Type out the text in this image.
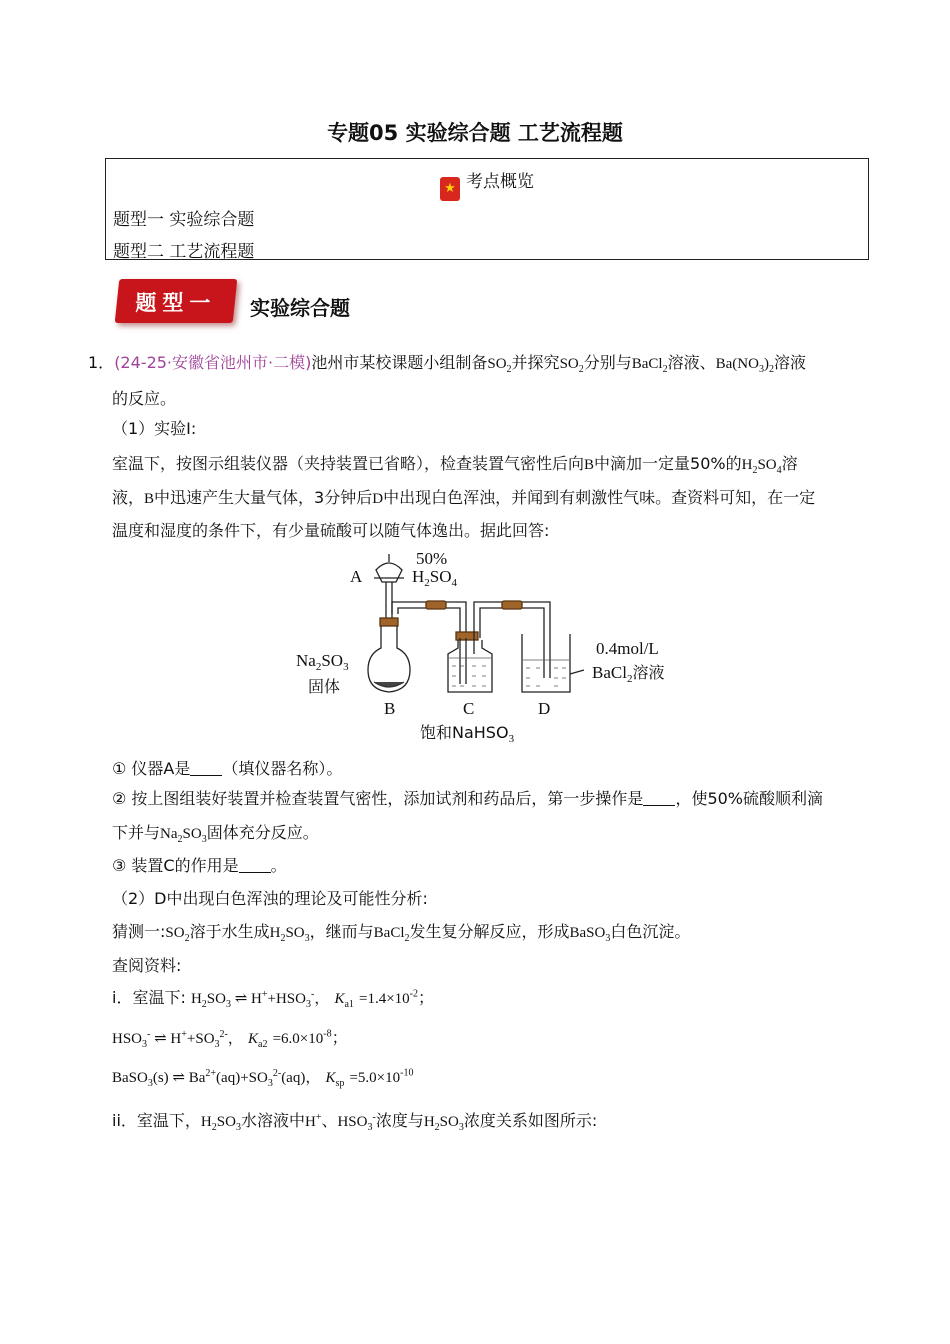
专题05 实验综合题 工艺流程题
★ 考点概览
题型一 实验综合题
题型二 工艺流程题
题型一	实验综合题
1．(24-25·安徽省池州市·二模)池州市某校课题小组制备$SO_2$并探究$SO_2$分别与BaCl$_2$溶液、$Ba(NO_3)_2$溶液
的反应。
（1）实验Ⅰ:
室温下，按图示组装仪器（夹持装置已省略），检查装置气密性后向B中滴加一定量50%的$H_2SO_4$溶
液，B中迅速产生大量气体，3分钟后D中出现白色浑浊，并闻到有刺激性气味。查资料可知，在一定
温度和湿度的条件下，有少量硫酸可以随气体逸出。据此回答:
A
50%
$H_2SO_4$
$Na_2SO_3$
固体
B	C	D
饱和NaHSO$_3$
0.4mol/L
BaCl$_2$溶液
① 仪器A是 （填仪器名称）。
② 按上图组装好装置并检查装置气密性，添加试剂和药品后，第一步操作是 ，使50%硫酸顺利滴
下并与$Na_2SO_3$固体充分反应。
③ 装置C的作用是 。
（2）D中出现白色浑浊的理论及可能性分析:
猜测一$:SO_2$溶于水生成$H_2SO_3$，继而与BaCl$_2$发生复分解反应，形成BaSO$_3$白色沉淀。
查阅资料:
i．室温下: $H_2SO_3$ ⇌ $H^++HSO_3^-$， $K_{a1} =1.4\times 10^{-2}$；
$HSO_3^-$ ⇌ $H^++SO_3^{2-}$， $K_{a2} =6.0\times 10^{-8}$；
BaSO$_3$(s) ⇌ $Ba^{2+}(aq)+SO_3^{2-}(aq)$， $K_{sp} =5.0\times 10^{-10}$
ii．室温下，$H_2SO_3$水溶液中H+、$HSO_3^-$浓度与$H_2SO_3$浓度关系如图所示:
